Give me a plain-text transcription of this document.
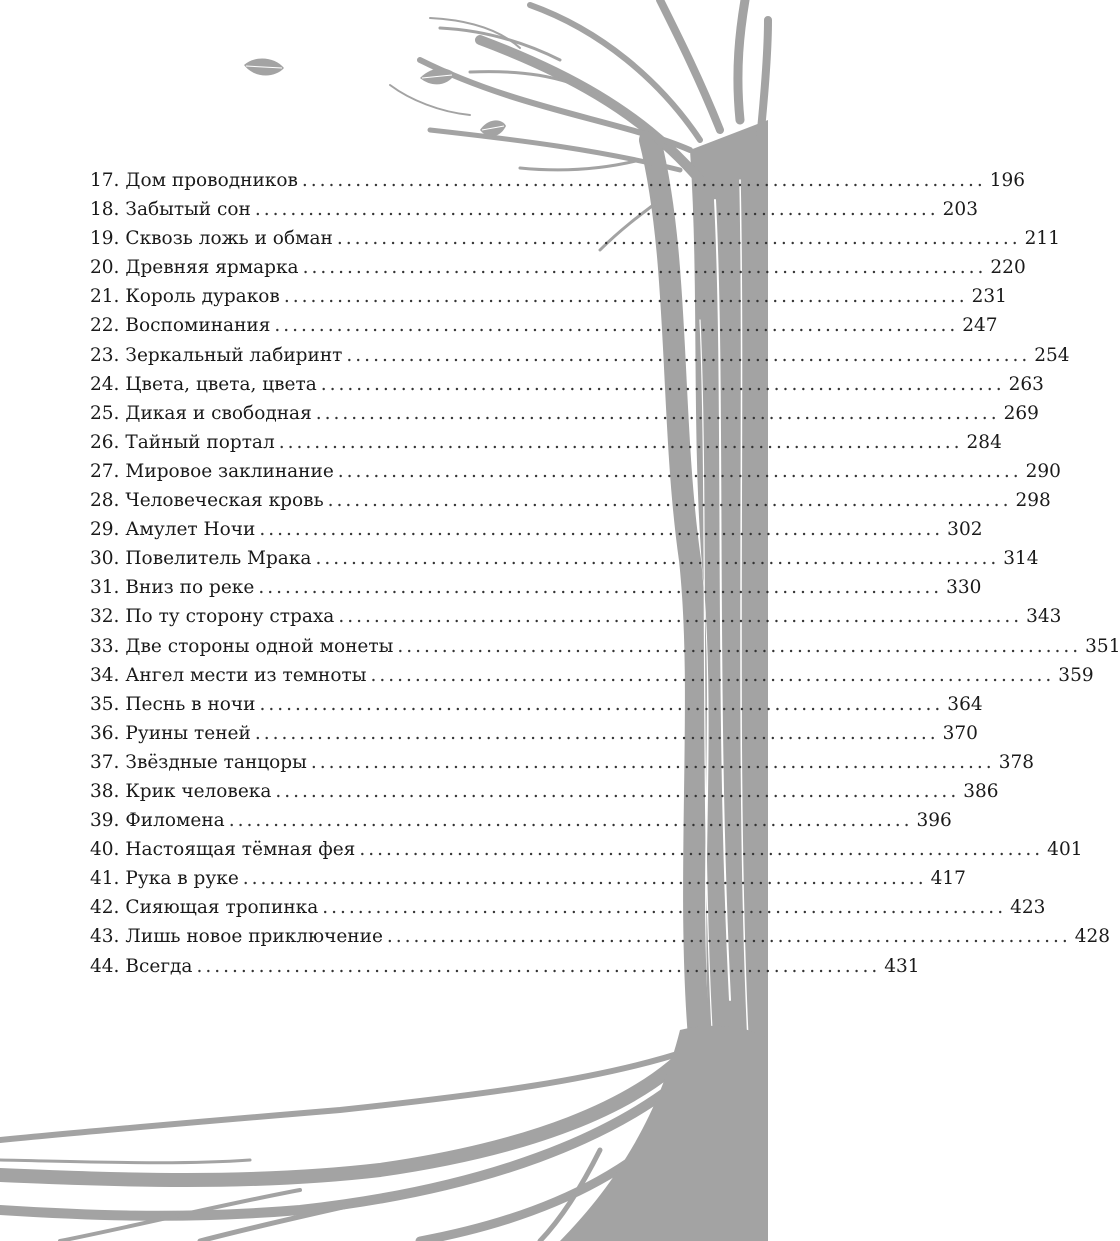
17. Дом проводников ............................................................................. 196
18. Забытый сон ............................................................................. 203
19. Сквозь ложь и обман ............................................................................. 211
20. Древняя ярмарка ............................................................................. 220
21. Король дураков ............................................................................. 231
22. Воспоминания ............................................................................. 247
23. Зеркальный лабиринт ............................................................................. 254
24. Цвета, цвета, цвета ............................................................................. 263
25. Дикая и свободная ............................................................................. 269
26. Тайный портал ............................................................................. 284
27. Мировое заклинание ............................................................................. 290
28. Человеческая кровь ............................................................................. 298
29. Амулет Ночи ............................................................................. 302
30. Повелитель Мрака ............................................................................. 314
31. Вниз по реке ............................................................................. 330
32. По ту сторону страха ............................................................................. 343
33. Две стороны одной монеты ............................................................................. 351
34. Ангел мести из темноты ............................................................................. 359
35. Песнь в ночи ............................................................................. 364
36. Руины теней ............................................................................. 370
37. Звёздные танцоры ............................................................................. 378
38. Крик человека ............................................................................. 386
39. Филомена ............................................................................. 396
40. Настоящая тёмная фея ............................................................................. 401
41. Рука в руке ............................................................................. 417
42. Сияющая тропинка ............................................................................. 423
43. Лишь новое приключение ............................................................................. 428
44. Всегда ............................................................................. 431
